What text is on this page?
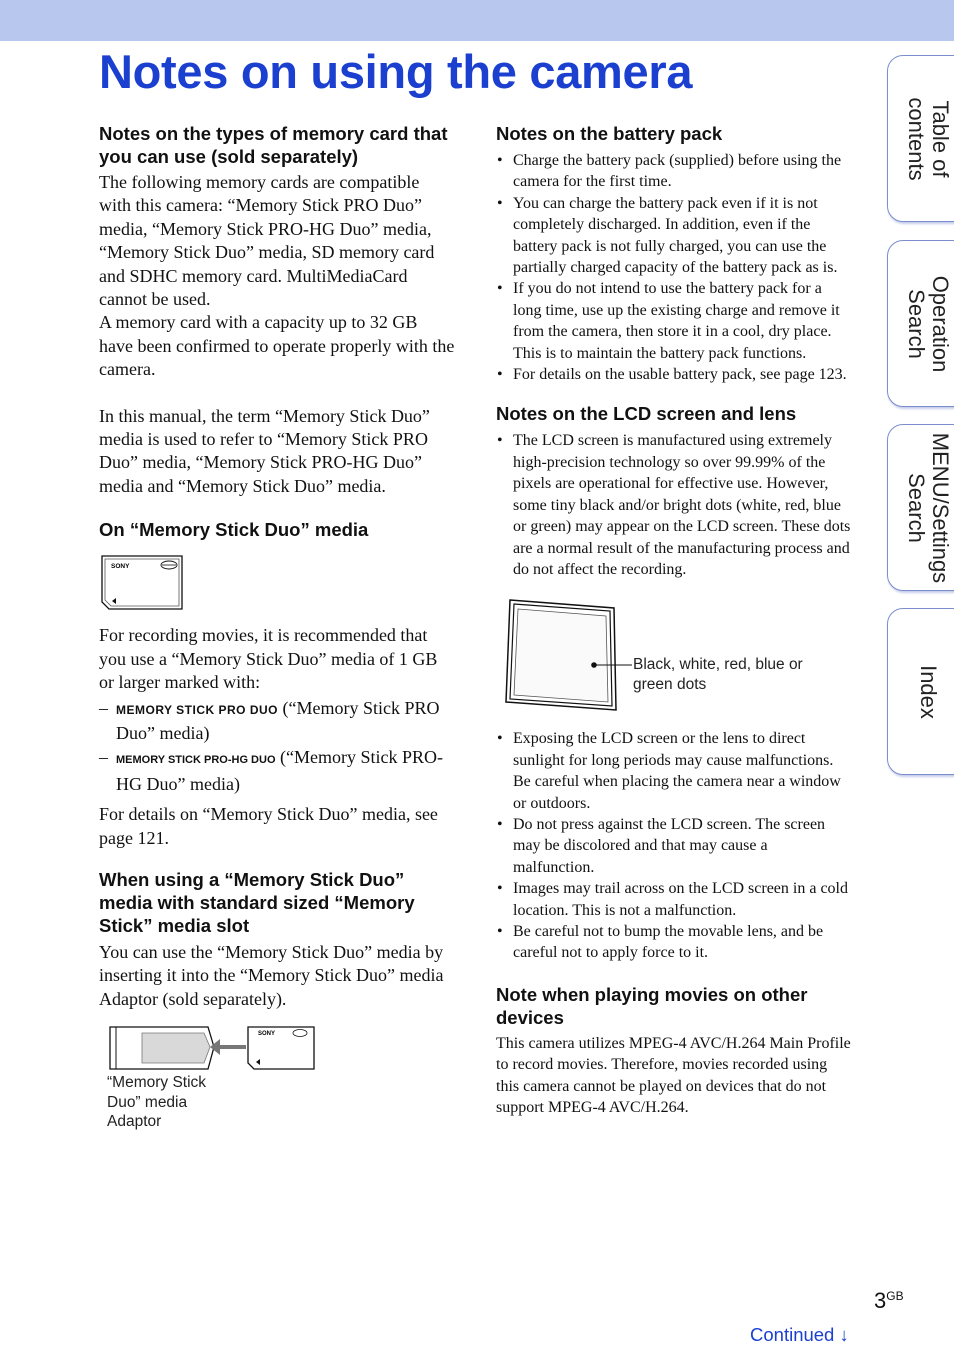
Notes on using the camera
Table of
contents
Operation
Search
MENU/Settings
Search
Index
Notes on the types of memory card that you can use (sold separately)

The following memory cards are compatible with this camera: “Memory Stick PRO Duo” media, “Memory Stick PRO-HG Duo” media, “Memory Stick Duo” media, SD memory card and SDHC memory card. MultiMediaCard cannot be used.

A memory card with a capacity up to 32 GB have been confirmed to operate properly with the camera.

In this manual, the term “Memory Stick Duo” media is used to refer to “Memory Stick PRO Duo” media, “Memory Stick PRO-HG Duo” media and “Memory Stick Duo” media.

On “Memory Stick Duo” media
SONY

For recording movies, it is recommended that you use a “Memory Stick Duo” media of 1 GB or larger marked with:

– MEMORY STICK PRO DUO (“Memory Stick PRO Duo” media)
– MEMORY STICK PRO-HG DUO (“Memory Stick PRO-HG Duo” media)

For details on “Memory Stick Duo” media, see page 121.

When using a “Memory Stick Duo” media with standard sized “Memory Stick” media slot

You can use the “Memory Stick Duo” media by inserting it into the “Memory Stick Duo” media Adaptor (sold separately).

SONY
“Memory Stick Duo” media Adaptor
Notes on the battery pack
• Charge the battery pack (supplied) before using the camera for the first time.
• You can charge the battery pack even if it is not completely discharged. In addition, even if the battery pack is not fully charged, you can use the partially charged capacity of the battery pack as is.
• If you do not intend to use the battery pack for a long time, use up the existing charge and remove it from the camera, then store it in a cool, dry place. This is to maintain the battery pack functions.
• For details on the usable battery pack, see page 123.
Notes on the LCD screen and lens
• The LCD screen is manufactured using extremely high-precision technology so over 99.99% of the pixels are operational for effective use. However, some tiny black and/or bright dots (white, red, blue or green) may appear on the LCD screen. These dots are a normal result of the manufacturing process and do not affect the recording.
Black, white, red, blue or green dots
• Exposing the LCD screen or the lens to direct sunlight for long periods may cause malfunctions. Be careful when placing the camera near a window or outdoors.
• Do not press against the LCD screen. The screen may be discolored and that may cause a malfunction.
• Images may trail across on the LCD screen in a cold location. This is not a malfunction.
• Be careful not to bump the movable lens, and be careful not to apply force to it.
Note when playing movies on other devices

This camera utilizes MPEG-4 AVC/H.264 Main Profile to record movies. Therefore, movies recorded using this camera cannot be played on devices that do not support MPEG-4 AVC/H.264.

$3^{GB}$
Continued ↓
